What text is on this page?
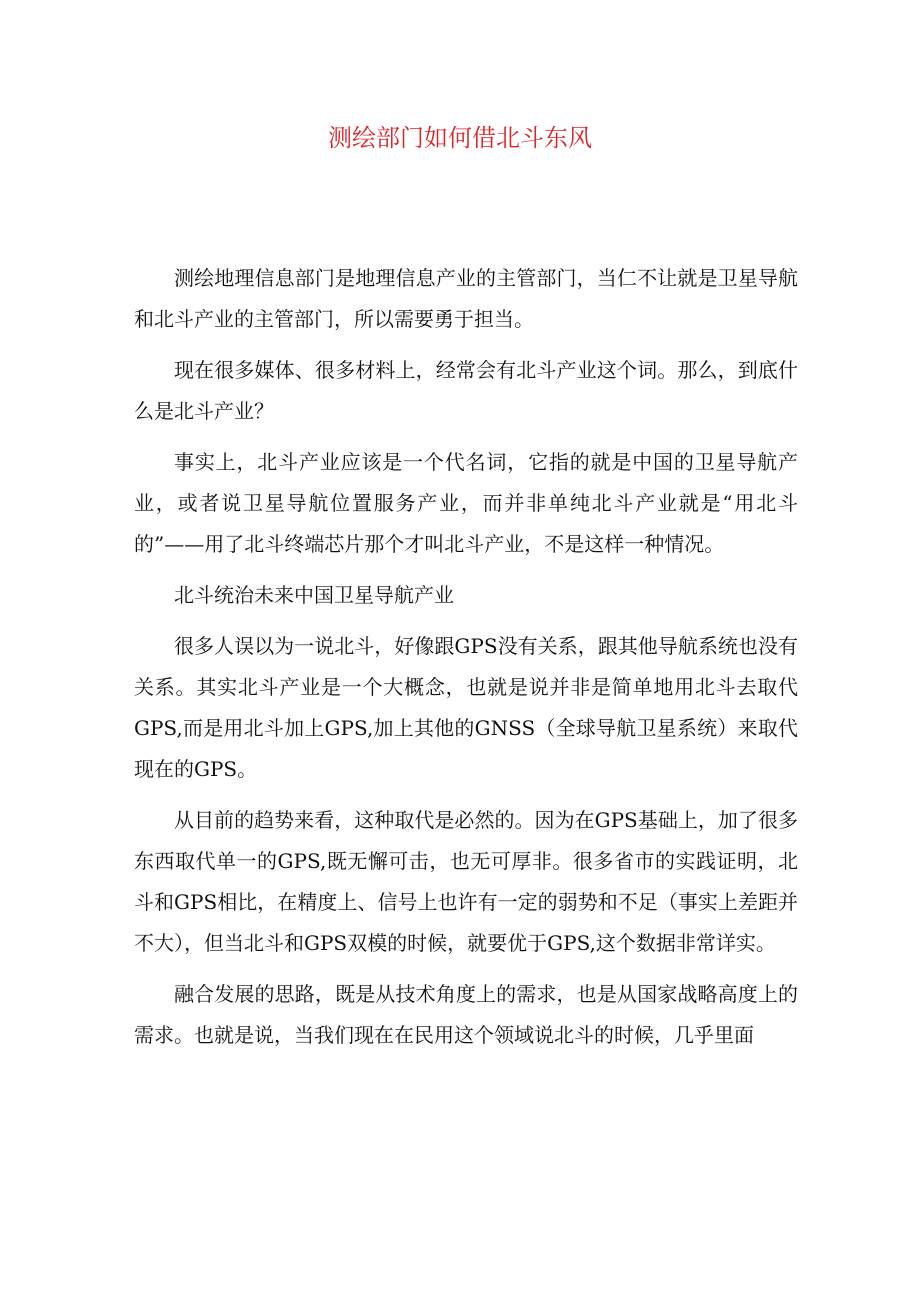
测绘部门如何借北斗东风

测绘地理信息部门是地理信息产业的主管部门，当仁不让就是卫星导航和北斗产业的主管部门，所以需要勇于担当。

现在很多媒体、很多材料上，经常会有北斗产业这个词。那么，到底什么是北斗产业？

事实上，北斗产业应该是一个代名词，它指的就是中国的卫星导航产业，或者说卫星导航位置服务产业，而并非单纯北斗产业就是“用北斗的”——用了北斗终端芯片那个才叫北斗产业，不是这样一种情况。

北斗统治未来中国卫星导航产业

很多人误以为一说北斗，好像跟GPS没有关系，跟其他导航系统也没有关系。其实北斗产业是一个大概念，也就是说并非是简单地用北斗去取代GPS,而是用北斗加上GPS,加上其他的GNSS（全球导航卫星系统）来取代现在的GPS。

从目前的趋势来看，这种取代是必然的。因为在GPS基础上，加了很多东西取代单一的GPS,既无懈可击，也无可厚非。很多省市的实践证明，北斗和GPS相比，在精度上、信号上也许有一定的弱势和不足（事实上差距并不大），但当北斗和GPS双模的时候，就要优于GPS,这个数据非常详实。

融合发展的思路，既是从技术角度上的需求，也是从国家战略高度上的需求。也就是说，当我们现在在民用这个领域说北斗的时候，几乎里面
